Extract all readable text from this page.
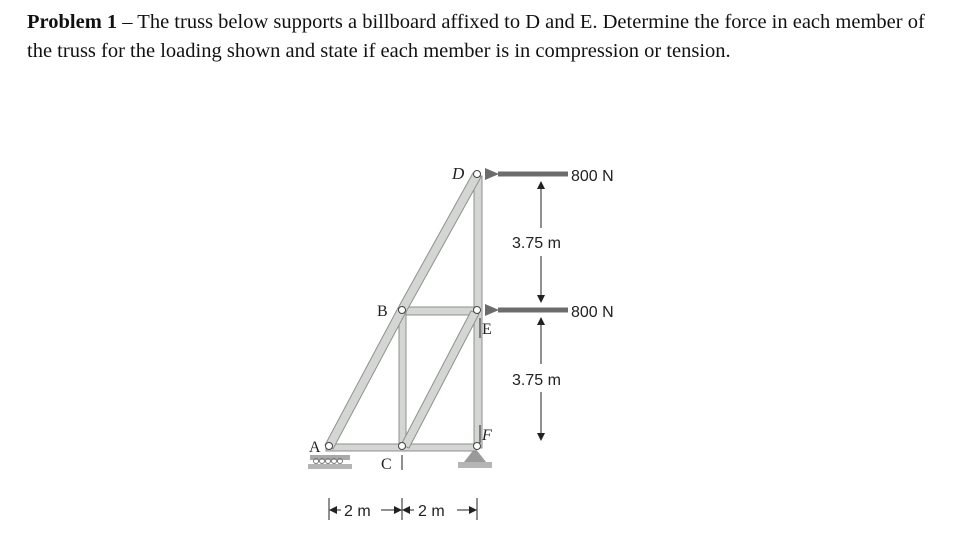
Problem 1 – The truss below supports a billboard affixed to D and E. Determine the force in each member of the truss for the loading shown and state if each member is in compression or tension.
D
B
E
A
C
F
800 N
800 N
3.75 m
3.75 m
2 m	2 m
